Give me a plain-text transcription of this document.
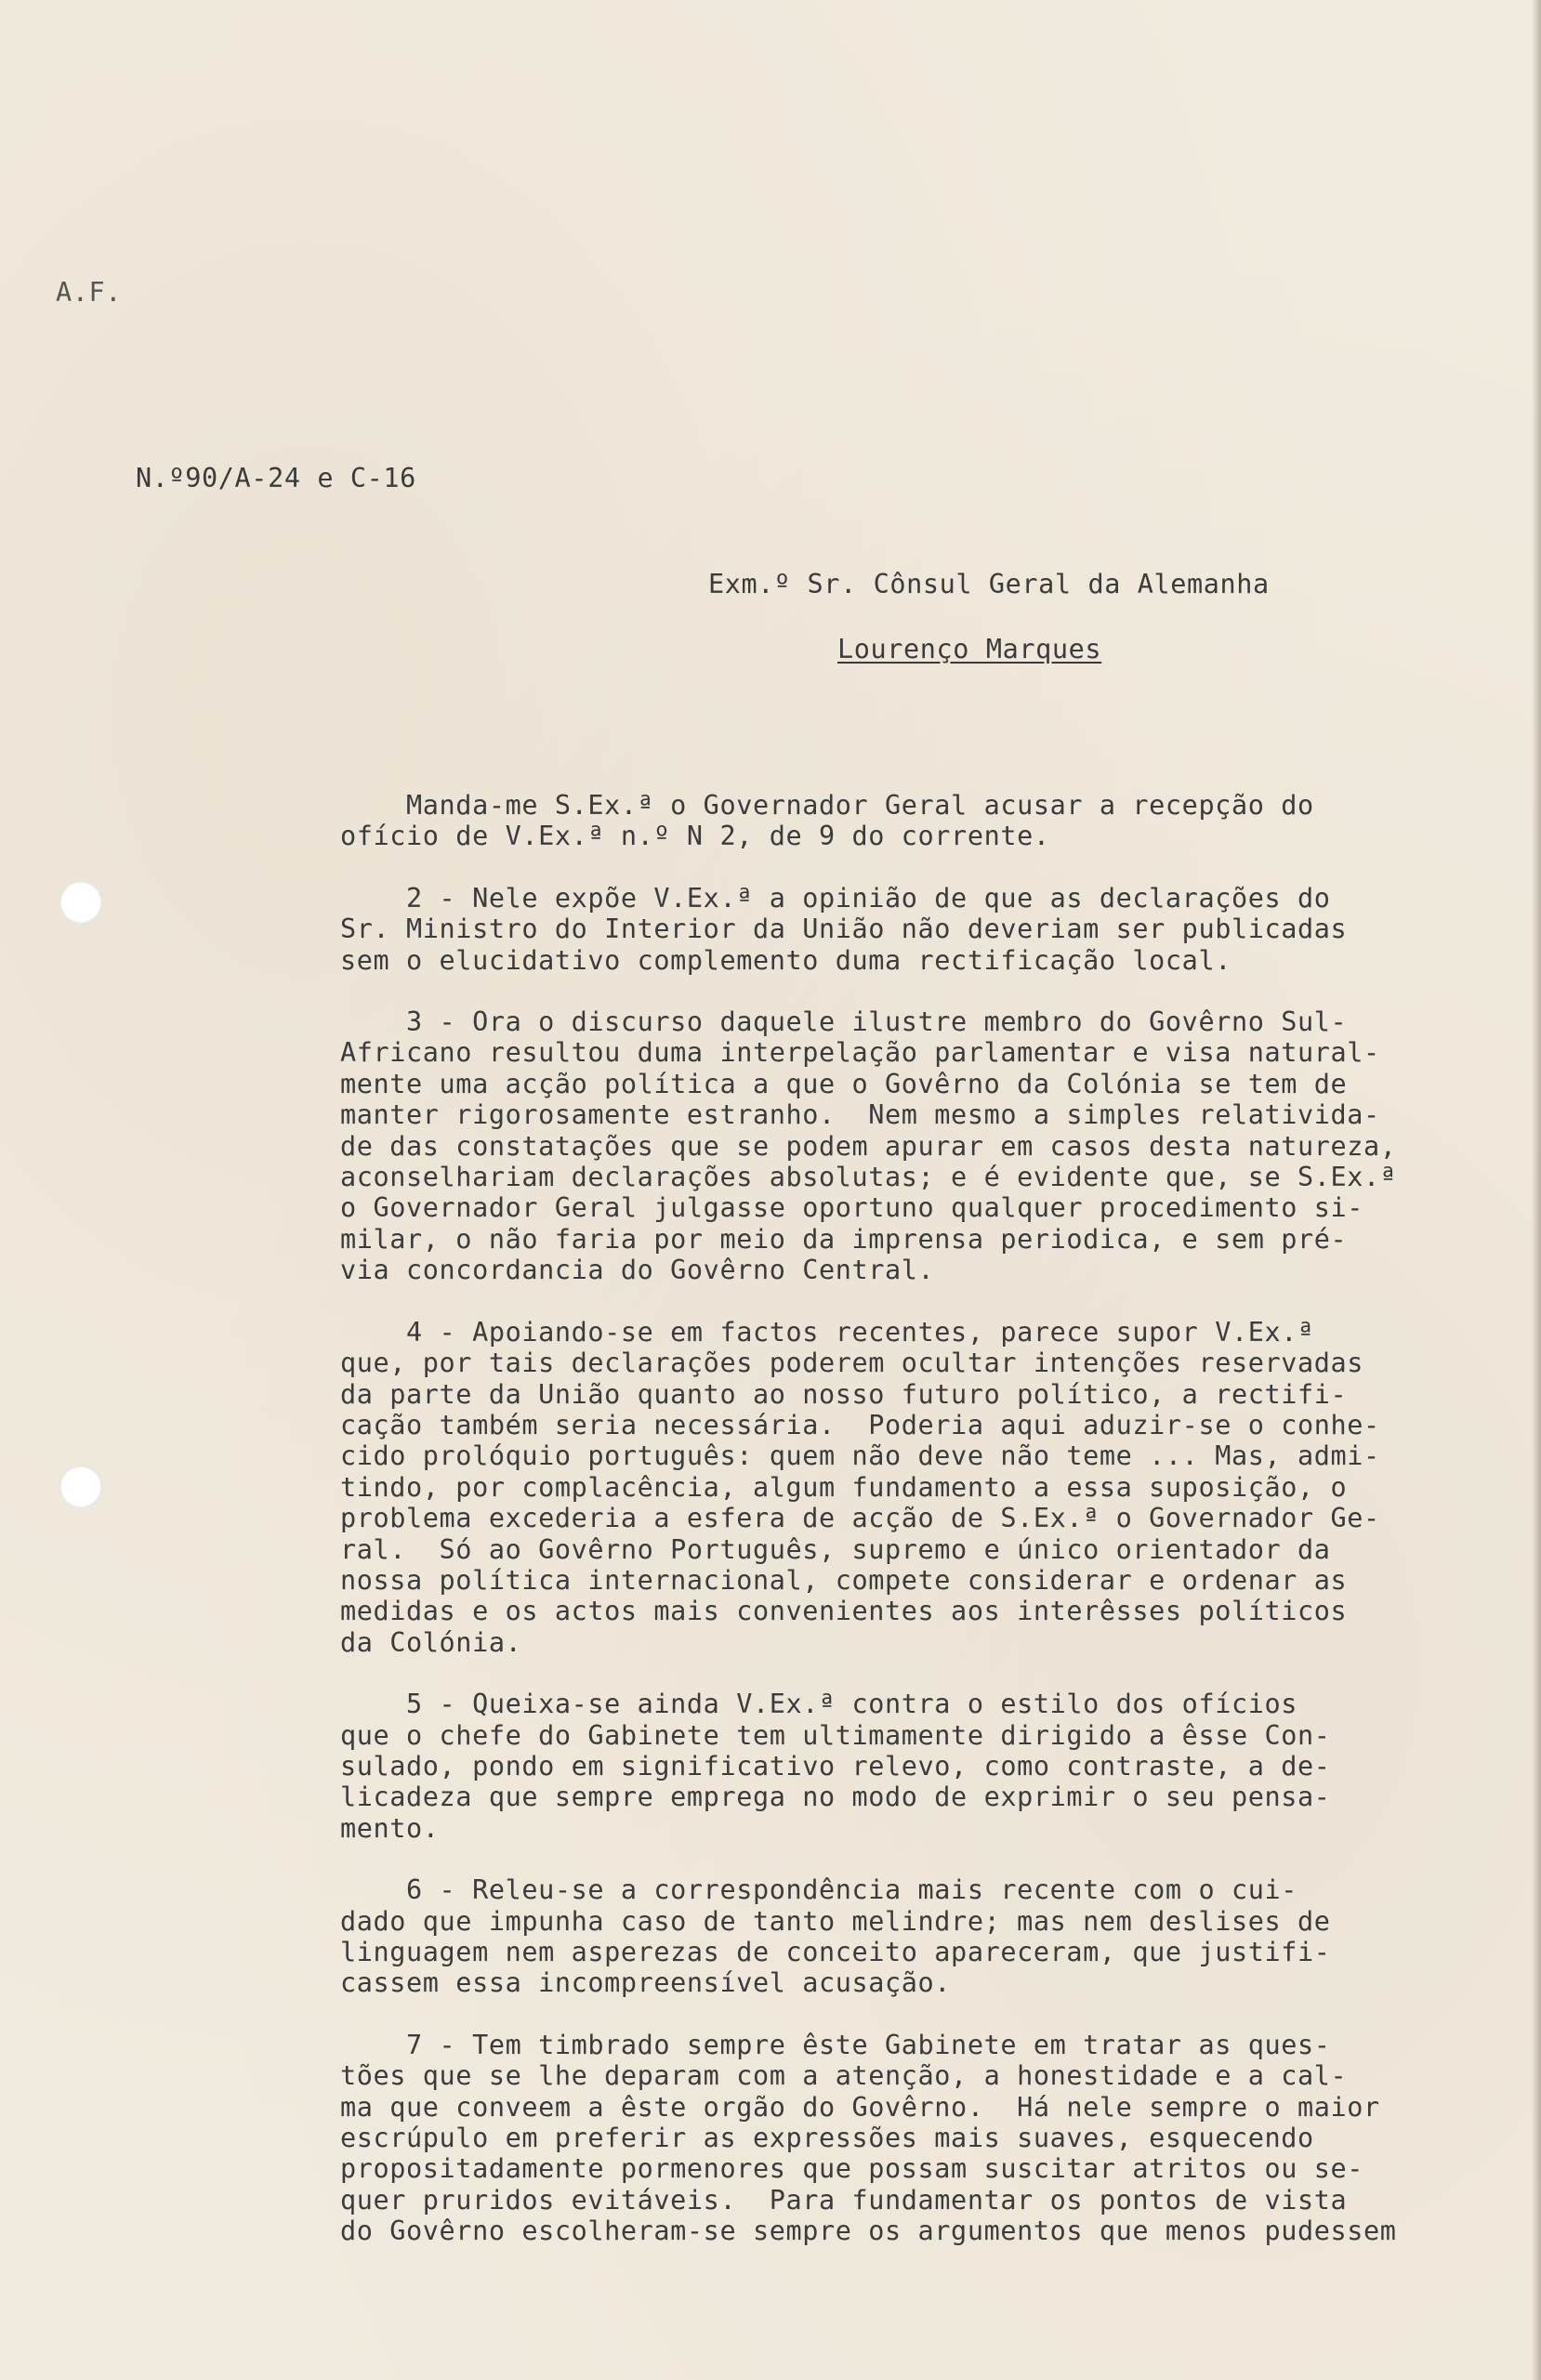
A.F.
N.º90/A-24 e C-16
Exm.º Sr. Cônsul Geral da Alemanha
Lourenço Marques
Manda-me S.Ex.ª o Governador Geral acusar a recepção do
ofício de V.Ex.ª n.º N 2, de 9 do corrente.
2 - Nele expõe V.Ex.ª a opinião de que as declarações do
Sr. Ministro do Interior da União não deveriam ser publicadas
sem o elucidativo complemento duma rectificação local.
3 - Ora o discurso daquele ilustre membro do Govêrno Sul-
Africano resultou duma interpelação parlamentar e visa natural-
mente uma acção política a que o Govêrno da Colónia se tem de
manter rigorosamente estranho.  Nem mesmo a simples relativida-
de das constatações que se podem apurar em casos desta natureza,
aconselhariam declarações absolutas; e é evidente que, se S.Ex.ª
o Governador Geral julgasse oportuno qualquer procedimento si-
milar, o não faria por meio da imprensa periodica, e sem pré-
via concordancia do Govêrno Central.
4 - Apoiando-se em factos recentes, parece supor V.Ex.ª
que, por tais declarações poderem ocultar intenções reservadas
da parte da União quanto ao nosso futuro político, a rectifi-
cação também seria necessária.  Poderia aqui aduzir-se o conhe-
cido prolóquio português: quem não deve não teme ... Mas, admi-
tindo, por complacência, algum fundamento a essa suposição, o
problema excederia a esfera de acção de S.Ex.ª o Governador Ge-
ral.  Só ao Govêrno Português, supremo e único orientador da
nossa política internacional, compete considerar e ordenar as
medidas e os actos mais convenientes aos interêsses políticos
da Colónia.
5 - Queixa-se ainda V.Ex.ª contra o estilo dos ofícios
que o chefe do Gabinete tem ultimamente dirigido a êsse Con-
sulado, pondo em significativo relevo, como contraste, a de-
licadeza que sempre emprega no modo de exprimir o seu pensa-
mento.
6 - Releu-se a correspondência mais recente com o cui-
dado que impunha caso de tanto melindre; mas nem deslises de
linguagem nem asperezas de conceito apareceram, que justifi-
cassem essa incompreensível acusação.
7 - Tem timbrado sempre êste Gabinete em tratar as ques-
tões que se lhe deparam com a atenção, a honestidade e a cal-
ma que conveem a êste orgão do Govêrno.  Há nele sempre o maior
escrúpulo em preferir as expressões mais suaves, esquecendo
propositadamente pormenores que possam suscitar atritos ou se-
quer pruridos evitáveis.  Para fundamentar os pontos de vista
do Govêrno escolheram-se sempre os argumentos que menos pudessem
